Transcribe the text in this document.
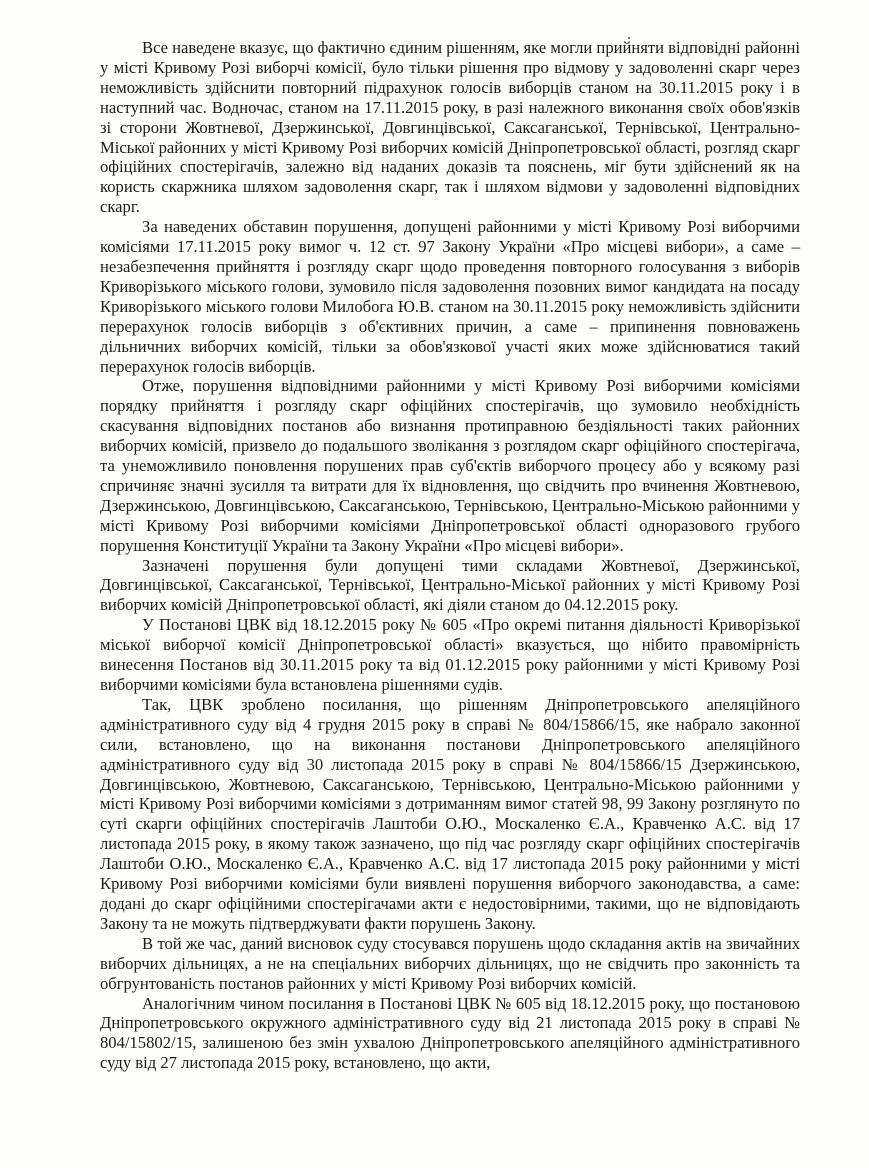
Все наведене вказує, що фактично єдиним рішенням, яке могли прийняти відповідні районні у місті Кривому Розі виборчі комісії, було тільки рішення про відмову у задоволенні скарг через неможливість здійснити повторний підрахунок голосів виборців станом на 30.11.2015 року і в наступний час. Водночас, станом на 17.11.2015 року, в разі належного виконання своїх обов'язків зі сторони Жовтневої, Дзержинської, Довгинцівської, Саксаганської, Тернівської, Центрально-Міської районних у місті Кривому Розі виборчих комісій Дніпропетровської області, розгляд скарг офіційних спостерігачів, залежно від наданих доказів та пояснень, міг бути здійснений як на користь скаржника шляхом задоволення скарг, так і шляхом відмови у задоволенні відповідних скарг.

За наведених обставин порушення, допущені районними у місті Кривому Розі виборчими комісіями 17.11.2015 року вимог ч. 12 ст. 97 Закону України «Про місцеві вибори», а саме – незабезпечення прийняття і розгляду скарг щодо проведення повторного голосування з виборів Криворізького міського голови, зумовило після задоволення позовних вимог кандидата на посаду Криворізького міського голови Милобога Ю.В. станом на 30.11.2015 року неможливість здійснити перерахунок голосів виборців з об'єктивних причин, а саме – припинення повноважень дільничних виборчих комісій, тільки за обов'язкової участі яких може здійснюватися такий перерахунок голосів виборців.

Отже, порушення відповідними районними у місті Кривому Розі виборчими комісіями порядку прийняття і розгляду скарг офіційних спостерігачів, що зумовило необхідність скасування відповідних постанов або визнання протиправною бездіяльності таких районних виборчих комісій, призвело до подальшого зволікання з розглядом скарг офіційного спостерігача, та унеможливило поновлення порушених прав суб'єктів виборчого процесу або у всякому разі спричиняє значні зусилля та витрати для їх відновлення, що свідчить про вчинення Жовтневою, Дзержинською, Довгинцівською, Саксаганською, Тернівською, Центрально-Міською районними у місті Кривому Розі виборчими комісіями Дніпропетровської області одноразового грубого порушення Конституції України та Закону України «Про місцеві вибори».

Зазначені порушення були допущені тими складами Жовтневої, Дзержинської, Довгинцівської, Саксаганської, Тернівської, Центрально-Міської районних у місті Кривому Розі виборчих комісій Дніпропетровської області, які діяли станом до 04.12.2015 року.

У Постанові ЦВК від 18.12.2015 року № 605 «Про окремі питання діяльності Криворізької міської виборчої комісії Дніпропетровської області» вказується, що нібито правомірність винесення Постанов від 30.11.2015 року та від 01.12.2015 року районними у місті Кривому Розі виборчими комісіями була встановлена рішеннями судів.

Так, ЦВК зроблено посилання, що рішенням Дніпропетровського апеляційного адміністративного суду від 4 грудня 2015 року в справі № 804/15866/15, яке набрало законної сили, встановлено, що на виконання постанови Дніпропетровського апеляційного адміністративного суду від 30 листопада 2015 року в справі № 804/15866/15 Дзержинською, Довгинцівською, Жовтневою, Саксаганською, Тернівською, Центрально-Міською районними у місті Кривому Розі виборчими комісіями з дотриманням вимог статей 98, 99 Закону розглянуто по суті скарги офіційних спостерігачів Лаштоби О.Ю., Москаленко Є.А., Кравченко А.С. від 17 листопада 2015 року, в якому також зазначено, що під час розгляду скарг офіційних спостерігачів Лаштоби О.Ю., Москаленко Є.А., Кравченко А.С. від 17 листопада 2015 року районними у місті Кривому Розі виборчими комісіями були виявлені порушення виборчого законодавства, а саме: додані до скарг офіційними спостерігачами акти є недостовірними, такими, що не відповідають Закону та не можуть підтверджувати факти порушень Закону.

В той же час, даний висновок суду стосувався порушень щодо складання актів на звичайних виборчих дільницях, а не на спеціальних виборчих дільницях, що не свідчить про законність та обгрунтованість постанов районних у місті Кривому Розі виборчих комісій.

Аналогічним чином посилання в Постанові ЦВК № 605 від 18.12.2015 року, що постановою Дніпропетровського окружного адміністративного суду від 21 листопада 2015 року в справі № 804/15802/15, залишеною без змін ухвалою Дніпропетровського апеляційного адміністративного суду від 27 листопада 2015 року, встановлено, що акти,
